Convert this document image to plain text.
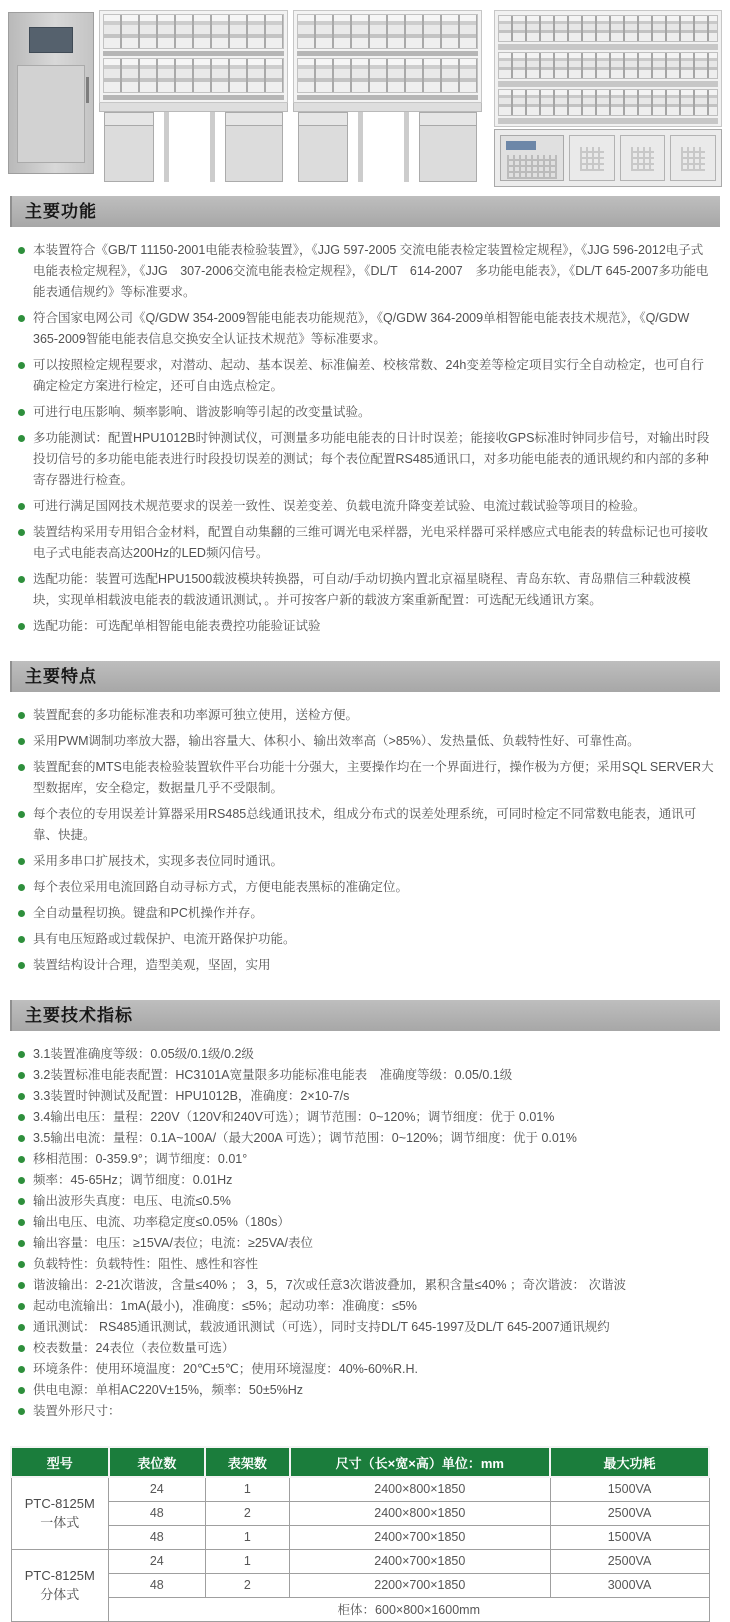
主要功能
本装置符合《GB/T 11150-2001电能表检验装置》，《JJG 597-2005 交流电能表检定装置检定规程》，《JJG 596-2012电子式电能表检定规程》，《JJG　307-2006交流电能表检定规程》，《DL/T　614-2007　多功能电能表》，《DL/T 645-2007多功能电能表通信规约》等标准要求。
符合国家电网公司《Q/GDW 354-2009智能电能表功能规范》，《Q/GDW 364-2009单相智能电能表技术规范》，《Q/GDW 365-2009智能电能表信息交换安全认证技术规范》等标准要求。
可以按照检定规程要求，对潜动、起动、基本误差、标准偏差、校核常数、24h变差等检定项目实行全自动检定，也可自行确定检定方案进行检定，还可自由选点检定。
可进行电压影响、频率影响、谐波影响等引起的改变量试验。
多功能测试：配置HPU1012B时钟测试仪，可测量多功能电能表的日计时误差；能接收GPS标准时钟同步信号，对输出时段投切信号的多功能电能表进行时段投切误差的测试；每个表位配置RS485通讯口，对多功能电能表的通讯规约和内部的多种寄存器进行检查。
可进行满足国网技术规范要求的误差一致性、误差变差、负载电流升降变差试验、电流过载试验等项目的检验。
装置结构采用专用铝合金材料，配置自动集翻的三维可调光电采样器，光电采样器可采样感应式电能表的转盘标记也可接收电子式电能表高达200Hz的LED频闪信号。
选配功能：装置可选配HPU1500载波模块转换器，可自动/手动切换内置北京福星晓程、青岛东软、青岛鼎信三种载波模块，实现单相载波电能表的载波通讯测试，。并可按客户新的载波方案重新配置：可选配无线通讯方案。
选配功能：可选配单相智能电能表费控功能验证试验
主要特点
装置配套的多功能标准表和功率源可独立使用，送检方便。
采用PWM调制功率放大器，输出容量大、体积小、输出效率高（>85%）、发热量低、负载特性好、可靠性高。
装置配套的MTS电能表检验装置软件平台功能十分强大，主要操作均在一个界面进行，操作极为方便；采用SQL SERVER大型数据库，安全稳定，数据量几乎不受限制。
每个表位的专用误差计算器采用RS485总线通讯技术，组成分布式的误差处理系统，可同时检定不同常数电能表，通讯可靠、快捷。
采用多串口扩展技术，实现多表位同时通讯。
每个表位采用电流回路自动寻标方式，方便电能表黑标的准确定位。
全自动量程切换。键盘和PC机操作并存。
具有电压短路或过载保护、电流开路保护功能。
装置结构设计合理，造型美观，坚固，实用
主要技术指标
3.1装置准确度等级：0.05级/0.1级/0.2级
3.2装置标准电能表配置：HC3101A宽量限多功能标准电能表　准确度等级：0.05/0.1级
3.3装置时钟测试及配置：HPU1012B，准确度：2×10-7/s
3.4输出电压：量程：220V（120V和240V可选）；调节范围：0~120%；调节细度：优于 0.01%
3.5输出电流：量程：0.1A~100A/（最大200A 可选）；调节范围：0~120%；调节细度：优于 0.01%
移相范围：0-359.9°；调节细度：0.01°
频率：45-65Hz；调节细度：0.01Hz
输出波形失真度：电压、电流≤0.5%
输出电压、电流、功率稳定度≤0.05%（180s）
输出容量：电压：≥15VA/表位；电流：≥25VA/表位
负载特性：负载特性：阻性、感性和容性
谐波输出：2-21次谐波，含量≤40% ； 3，5，7次或任意3次谐波叠加，累积含量≤40% ；奇次谐波： 次谐波
起动电流输出：1mA(最小)，准确度：≤5%；起动功率：准确度：≤5%
通讯测试： RS485通讯测试，载波通讯测试（可选），同时支持DL/T 645-1997及DL/T 645-2007通讯规约
校表数量：24表位（表位数量可选）
环境条件：使用环境温度：20℃±5℃；使用环境湿度：40%-60%R.H.
供电电源：单相AC220V±15%，频率：50±5%Hz
装置外形尺寸：
型号	表位数	表架数	尺寸（长×宽×高）单位：mm	最大功耗

PTC-8125M
一体式	24	1	2400×800×1850	1500VA
	48	2	2400×800×1850	2500VA
	48	1	2400×700×1850	1500VA

PTC-8125M
分体式	24	1	2400×700×1850	2500VA
	48	2	2200×700×1850	3000VA
	柜体：600×800×1600mm			
